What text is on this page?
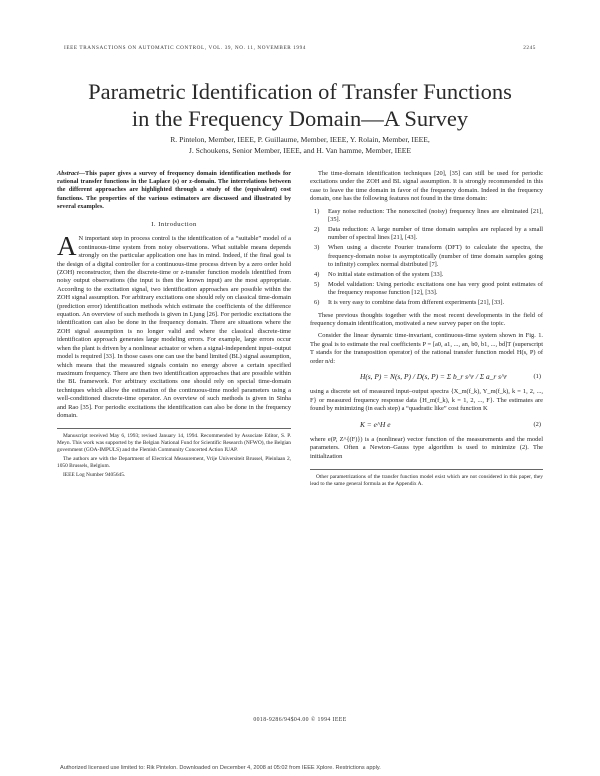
IEEE TRANSACTIONS ON AUTOMATIC CONTROL, VOL. 39, NO. 11, NOVEMBER 1994	2245
Parametric Identification of Transfer Functions
in the Frequency Domain—A Survey
R. Pintelon, Member, IEEE, P. Guillaume, Member, IEEE, Y. Rolain, Member, IEEE,
J. Schoukens, Senior Member, IEEE, and H. Van hamme, Member, IEEE

Abstract—This paper gives a survey of frequency domain identification methods for rational transfer functions in the Laplace (s) or z-domain. The interrelations between the different approaches are highlighted through a study of the (equivalent) cost functions. The properties of the various estimators are discussed and illustrated by several examples.

I. Introduction

A N important step in process control is the identification of a “suitable” model of a continuous-time system from noisy observations. What suitable means depends strongly on the particular application one has in mind. Indeed, if the final goal is the design of a digital controller for a continuous-time process driven by a zero order hold (ZOH) reconstructor, then the discrete-time or z-transfer function models identified from noisy output observations (the input is then the known input) are the most appropriate. According to the excitation signal, two identification approaches are possible within the ZOH signal assumption. For arbitrary excitations one should rely on classical time-domain (prediction error) identification methods which estimate the coefficients of the difference equation. An overview of such methods is given in Ljung [26]. For periodic excitations the identification can also be done in the frequency domain. There are situations where the ZOH signal assumption is no longer valid and where the classical discrete-time identification approach generates large modeling errors. For example, large errors occur when the plant is driven by a nonlinear actuator or when a signal-independent input–output model is required [33]. In those cases one can use the band limited (BL) signal assumption, which means that the measured signals contain no energy above a certain specified maximum frequency. There are then two identification approaches that are possible within the BL framework. For arbitrary excitations one should rely on special time-domain techniques which allow the estimation of the continuous-time model parameters using a well-conditioned discrete-time operator. An overview of such methods is given in Sinha and Rao [35]. For periodic excitations the identification can also be done in the frequency domain.

Manuscript received May 6, 1993; revised January 14, 1994. Recommended by Associate Editor, S. P. Meyn. This work was supported by the Belgian National Fund for Scientific Research (NFWO), the Belgian government (GOA-IMPULS) and the Flemish Community Concerted Action IUAP.

The authors are with the Department of Electrical Measurement, Vrije Universiteit Brussel, Pleinlaan 2, 1050 Brussels, Belgium.

IEEE Log Number 9405645.

The time-domain identification techniques [20], [35] can still be used for periodic excitations under the ZOH and BL signal assumption. It is strongly recommended in this case to leave the time domain in favor of the frequency domain. Indeed in the frequency domain, one has the following features not found in the time domain:

1) Easy noise reduction: The nonexcited (noisy) frequency lines are eliminated [21], [35].
2) Data reduction: A large number of time domain samples are replaced by a small number of spectral lines [21], [43].
3) When using a discrete Fourier transform (DFT) to calculate the spectra, the frequency-domain noise is asymptotically (number of time domain samples going to infinity) complex normal distributed [7].
4) No initial state estimation of the system [33].
5) Model validation: Using periodic excitations one has very good point estimates of the frequency response function [12], [33].
6) It is very easy to combine data from different experiments [21], [33].

These previous thoughts together with the most recent developments in the field of frequency domain identification, motivated a new survey paper on the topic.

Consider the linear dynamic time-invariant, continuous-time system shown in Fig. 1. The goal is to estimate the real coefficients P = [a0, a1, ..., an, b0, b1, ..., bd]T (superscript T stands for the transposition operator) of the rational transfer function model H(s, P) of order n/d:

H(s, P) = N(s, P) / D(s, P) = Σ b_r s^r / Σ a_r s^r	(1)

using a discrete set of measured input–output spectra {X_m(f_k), Y_m(f_k), k = 1, 2, ..., F} or measured frequency response data {H_m(f_k), k = 1, 2, ..., F}. The estimates are found by minimizing (in each step) a “quadratic like” cost function K

K = e^H e	(2)

where e(P, Z^{(F)}) is a (nonlinear) vector function of the measurements and the model parameters. Often a Newton–Gauss type algorithm is used to minimize (2). The initialization

Other parametrizations of the transfer function model exist which are not considered in this paper, they lead to the same general formula as the Appendix A.

0018-9286/94$04.00 © 1994 IEEE
Authorized licensed use limited to: Rik Pintelon. Downloaded on December 4, 2008 at 05:02 from IEEE Xplore. Restrictions apply.
